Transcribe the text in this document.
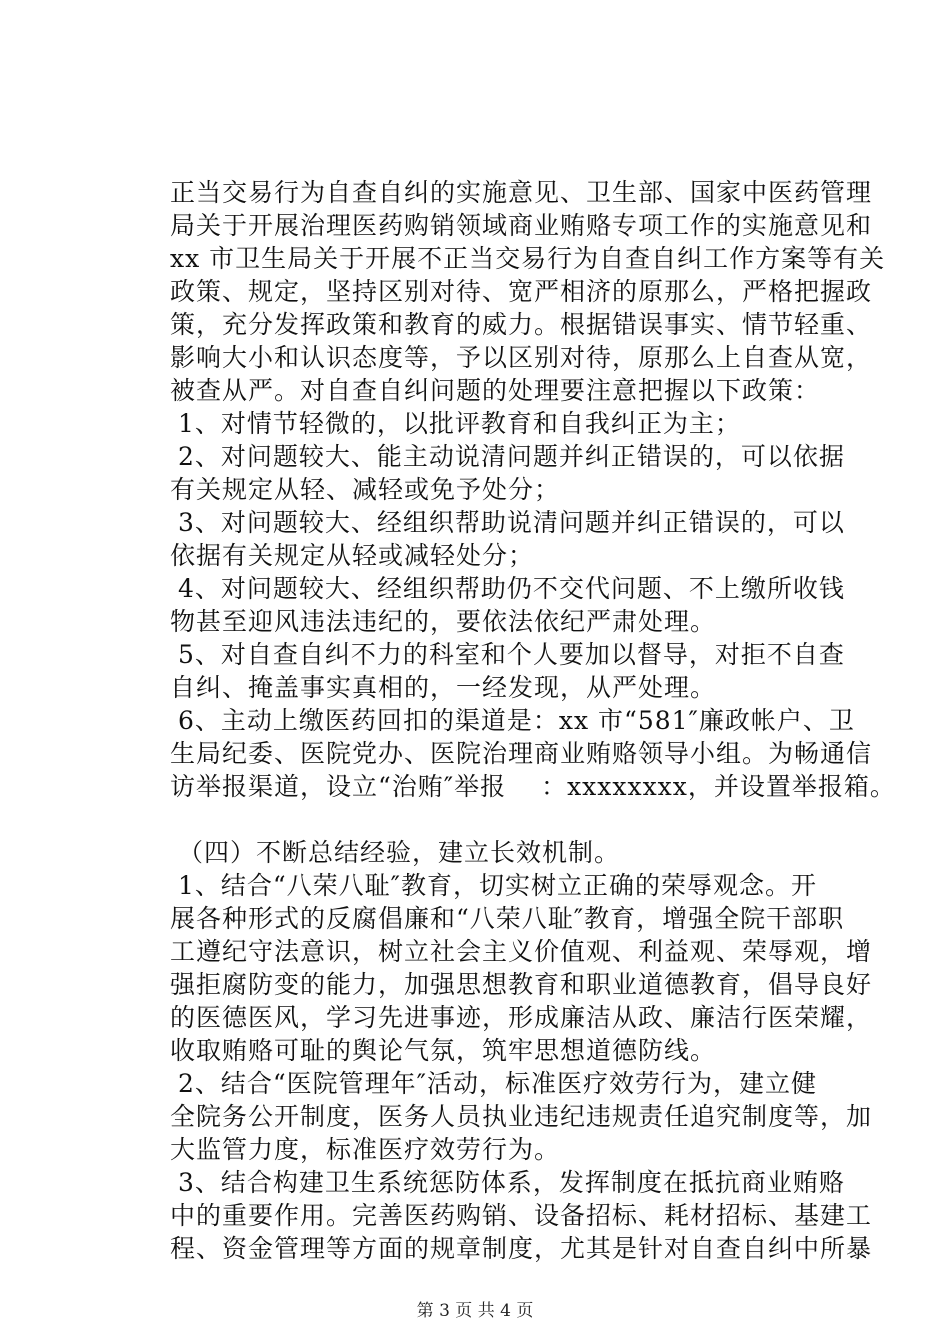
正当交易行为自查自纠的实施意见、卫生部、国家中医药管理
局关于开展治理医药购销领域商业贿赂专项工作的实施意见和
xx 市卫生局关于开展不正当交易行为自查自纠工作方案等有关
政策、规定，坚持区别对待、宽严相济的原那么，严格把握政
策，充分发挥政策和教育的威力。根据错误事实、情节轻重、
影响大小和认识态度等，予以区别对待，原那么上自查从宽，
被查从严。对自查自纠问题的处理要注意把握以下政策：
1、对情节轻微的，以批评教育和自我纠正为主；
2、对问题较大、能主动说清问题并纠正错误的，可以依据
有关规定从轻、减轻或免予处分；
3、对问题较大、经组织帮助说清问题并纠正错误的，可以
依据有关规定从轻或减轻处分；
4、对问题较大、经组织帮助仍不交代问题、不上缴所收钱
物甚至迎风违法违纪的，要依法依纪严肃处理。
5、对自查自纠不力的科室和个人要加以督导，对拒不自查
自纠、掩盖事实真相的，一经发现，从严处理。
6、主动上缴医药回扣的渠道是：xx 市“581″廉政帐户、卫
生局纪委、医院党办、医院治理商业贿赂领导小组。为畅通信
访举报渠道，设立“治贿″举报　 ：xxxxxxxx，并设置举报箱。
（四）不断总结经验，建立长效机制。
1、结合“八荣八耻″教育，切实树立正确的荣辱观念。开
展各种形式的反腐倡廉和“八荣八耻″教育，增强全院干部职
工遵纪守法意识，树立社会主义价值观、利益观、荣辱观，增
强拒腐防变的能力，加强思想教育和职业道德教育，倡导良好
的医德医风，学习先进事迹，形成廉洁从政、廉洁行医荣耀，
收取贿赂可耻的舆论气氛，筑牢思想道德防线。
2、结合“医院管理年″活动，标准医疗效劳行为，建立健
全院务公开制度，医务人员执业违纪违规责任追究制度等，加
大监管力度，标准医疗效劳行为。
3、结合构建卫生系统惩防体系，发挥制度在抵抗商业贿赂
中的重要作用。完善医药购销、设备招标、耗材招标、基建工
程、资金管理等方面的规章制度，尤其是针对自查自纠中所暴
第 3 页 共 4 页
